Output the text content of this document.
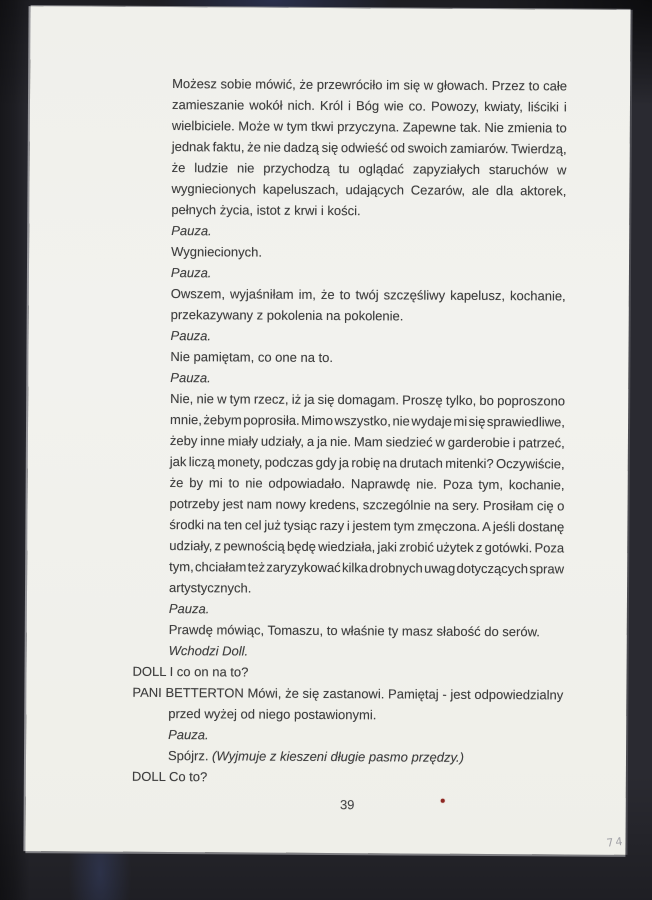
Możesz sobie mówić, że przewróciło im się w głowach. Przez to całe
zamieszanie wokół nich. Król i Bóg wie co. Powozy, kwiaty, liściki i
wielbiciele. Może w tym tkwi przyczyna. Zapewne tak. Nie zmienia to
jednak faktu, że nie dadzą się odwieść od swoich zamiarów. Twierdzą,
że ludzie nie przychodzą tu oglądać zapyziałych staruchów w
wygniecionych kapeluszach, udających Cezarów, ale dla aktorek,
pełnych życia, istot z krwi i kości.
Pauza.
Wygniecionych.
Pauza.
Owszem, wyjaśniłam im, że to twój szczęśliwy kapelusz, kochanie,
przekazywany z pokolenia na pokolenie.
Pauza.
Nie pamiętam, co one na to.
Pauza.
Nie, nie w tym rzecz, iż ja się domagam. Proszę tylko, bo poproszono
mnie, żebym poprosiła. Mimo wszystko, nie wydaje mi się sprawiedliwe,
żeby inne miały udziały, a ja nie. Mam siedzieć w garderobie i patrzeć,
jak liczą monety, podczas gdy ja robię na drutach mitenki? Oczywiście,
że by mi to nie odpowiadało. Naprawdę nie. Poza tym, kochanie,
potrzeby jest nam nowy kredens, szczególnie na sery. Prosiłam cię o
środki na ten cel już tysiąc razy i jestem tym zmęczona. A jeśli dostanę
udziały, z pewnością będę wiedziała, jaki zrobić użytek z gotówki. Poza
tym, chciałam też zaryzykować kilka drobnych uwag dotyczących spraw
artystycznych.
Pauza.
Prawdę mówiąc, Tomaszu, to właśnie ty masz słabość do serów.
Wchodzi Doll.
DOLL I co on na to?
PANI BETTERTON Mówi, że się zastanowi. Pamiętaj - jest odpowiedzialny
przed wyżej od niego postawionymi.
Pauza.
Spójrz. (Wyjmuje z kieszeni długie pasmo przędzy.)
DOLL Co to?
39
74
